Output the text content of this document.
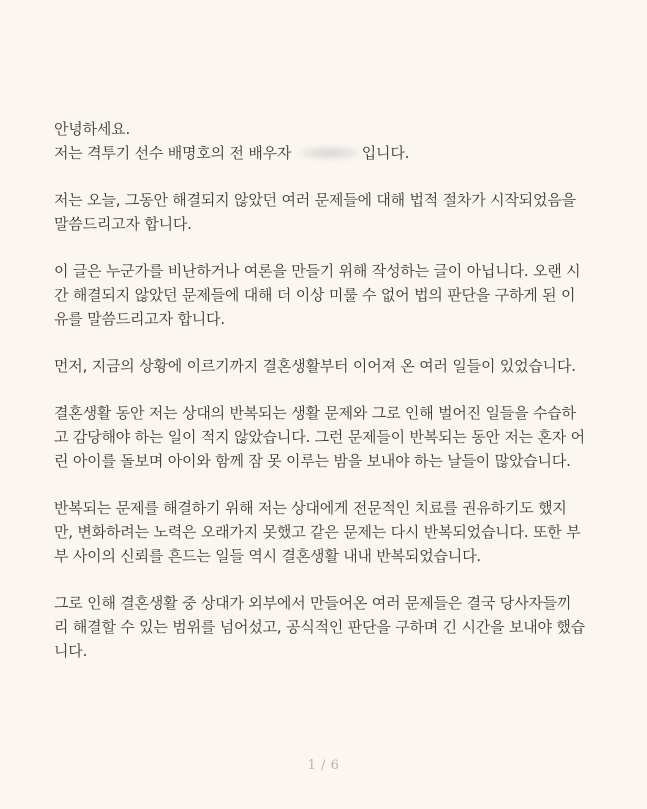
안녕하세요.
저는 격투기 선수 배명호의 전 배우자	입니다.

저는 오늘, 그동안 해결되지 않았던 여러 문제들에 대해 법적 절차가 시작되었음을
말씀드리고자 합니다.

이 글은 누군가를 비난하거나 여론을 만들기 위해 작성하는 글이 아닙니다. 오랜 시
간 해결되지 않았던 문제들에 대해 더 이상 미룰 수 없어 법의 판단을 구하게 된 이
유를 말씀드리고자 합니다.

먼저, 지금의 상황에 이르기까지 결혼생활부터 이어져 온 여러 일들이 있었습니다.

결혼생활 동안 저는 상대의 반복되는 생활 문제와 그로 인해 벌어진 일들을 수습하
고 감당해야 하는 일이 적지 않았습니다. 그런 문제들이 반복되는 동안 저는 혼자 어
린 아이를 돌보며 아이와 함께 잠 못 이루는 밤을 보내야 하는 날들이 많았습니다.

반복되는 문제를 해결하기 위해 저는 상대에게 전문적인 치료를 권유하기도 했지
만, 변화하려는 노력은 오래가지 못했고 같은 문제는 다시 반복되었습니다. 또한 부
부 사이의 신뢰를 흔드는 일들 역시 결혼생활 내내 반복되었습니다.

그로 인해 결혼생활 중 상대가 외부에서 만들어온 여러 문제들은 결국 당사자들끼
리 해결할 수 있는 범위를 넘어섰고, 공식적인 판단을 구하며 긴 시간을 보내야 했습
니다.

1 / 6
